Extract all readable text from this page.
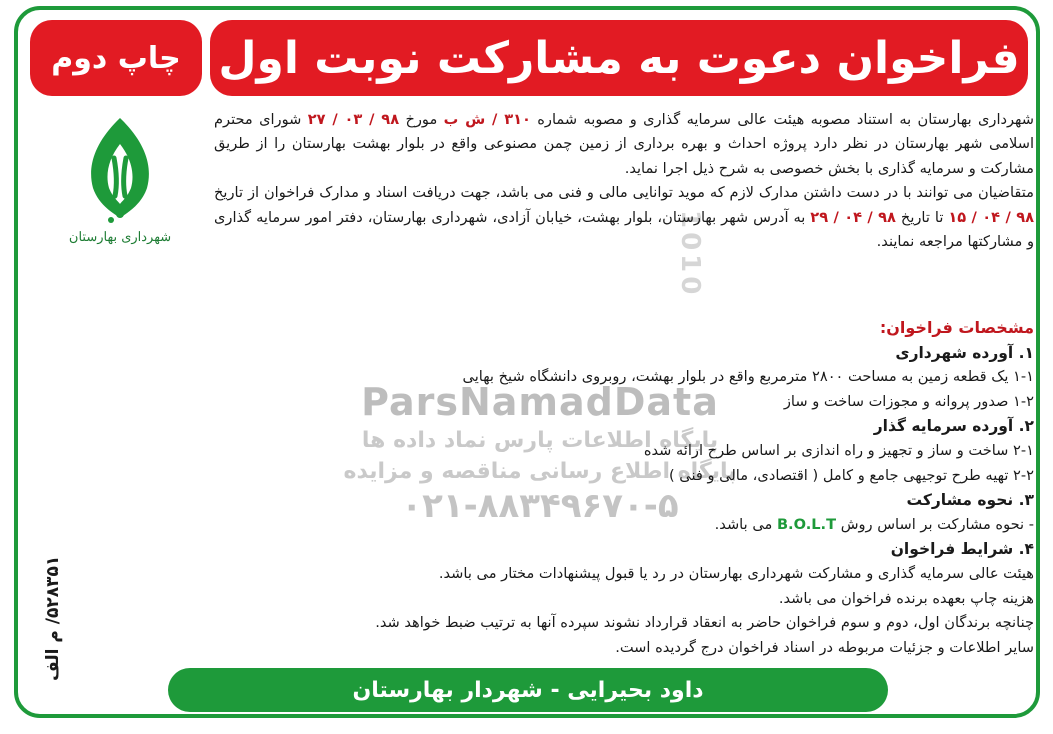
فراخوان دعوت به مشارکت نوبت اول
چاپ دوم
شهرداری بهارستان	1010
ParsNamadData
پایگاه اطلاعات پارس نماد داده ها
پایگاه اطلاع رسانی مناقصه و مزایده
۰۲۱-۸۸۳۴۹۶۷۰-۵

شهرداری بهارستان به استناد مصوبه هیئت عالی سرمایه گذاری و مصوبه شماره ۳۱۰ / ش ب مورخ ۹۸ / ۰۳ / ۲۷ شورای محترم اسلامی شهر بهارستان در نظر دارد پروژه احداث و بهره برداری از زمین چمن مصنوعی واقع در بلوار بهشت بهارستان را از طریق مشارکت و سرمایه گذاری با بخش خصوصی به شرح ذیل اجرا نماید.

متقاضیان می توانند با در دست داشتن مدارک لازم که موید توانایی مالی و فنی می باشد، جهت دریافت اسناد و مدارک فراخوان از تاریخ ۹۸ / ۰۴ / ۱۵ تا تاریخ ۹۸ / ۰۴ / ۲۹ به آدرس شهر بهارستان، بلوار بهشت، خیابان آزادی، شهرداری بهارستان، دفتر امور سرمایه گذاری و مشارکتها مراجعه نمایند.

مشخصات فراخوان:

۱. آورده شهرداری

۱-۱ یک قطعه زمین به مساحت ۲۸۰۰ مترمربع واقع در بلوار بهشت، روبروی دانشگاه شیخ بهایی

۱-۲ صدور پروانه و مجوزات ساخت و ساز

۲. آورده سرمایه گذار

۲-۱ ساخت و ساز و تجهیز و راه اندازی بر اساس طرح ارائه شده

۲-۲ تهیه طرح توجیهی جامع و کامل ( اقتصادی، مالی و فنی )

۳. نحوه مشارکت

- نحوه مشارکت بر اساس روش B.O.L.T می باشد.

۴. شرایط فراخوان

هیئت عالی سرمایه گذاری و مشارکت شهرداری بهارستان در رد یا قبول پیشنهادات مختار می باشد.

هزینه چاپ بعهده برنده فراخوان می باشد.

چنانچه برندگان اول، دوم و سوم فراخوان حاضر به انعقاد قرارداد نشوند سپرده آنها به ترتیب ضبط خواهد شد.

سایر اطلاعات و جزئیات مربوطه در اسناد فراخوان درج گردیده است.

۵۲۸۳۵۱/ م الف
داود بحیرایی - شهردار بهارستان
